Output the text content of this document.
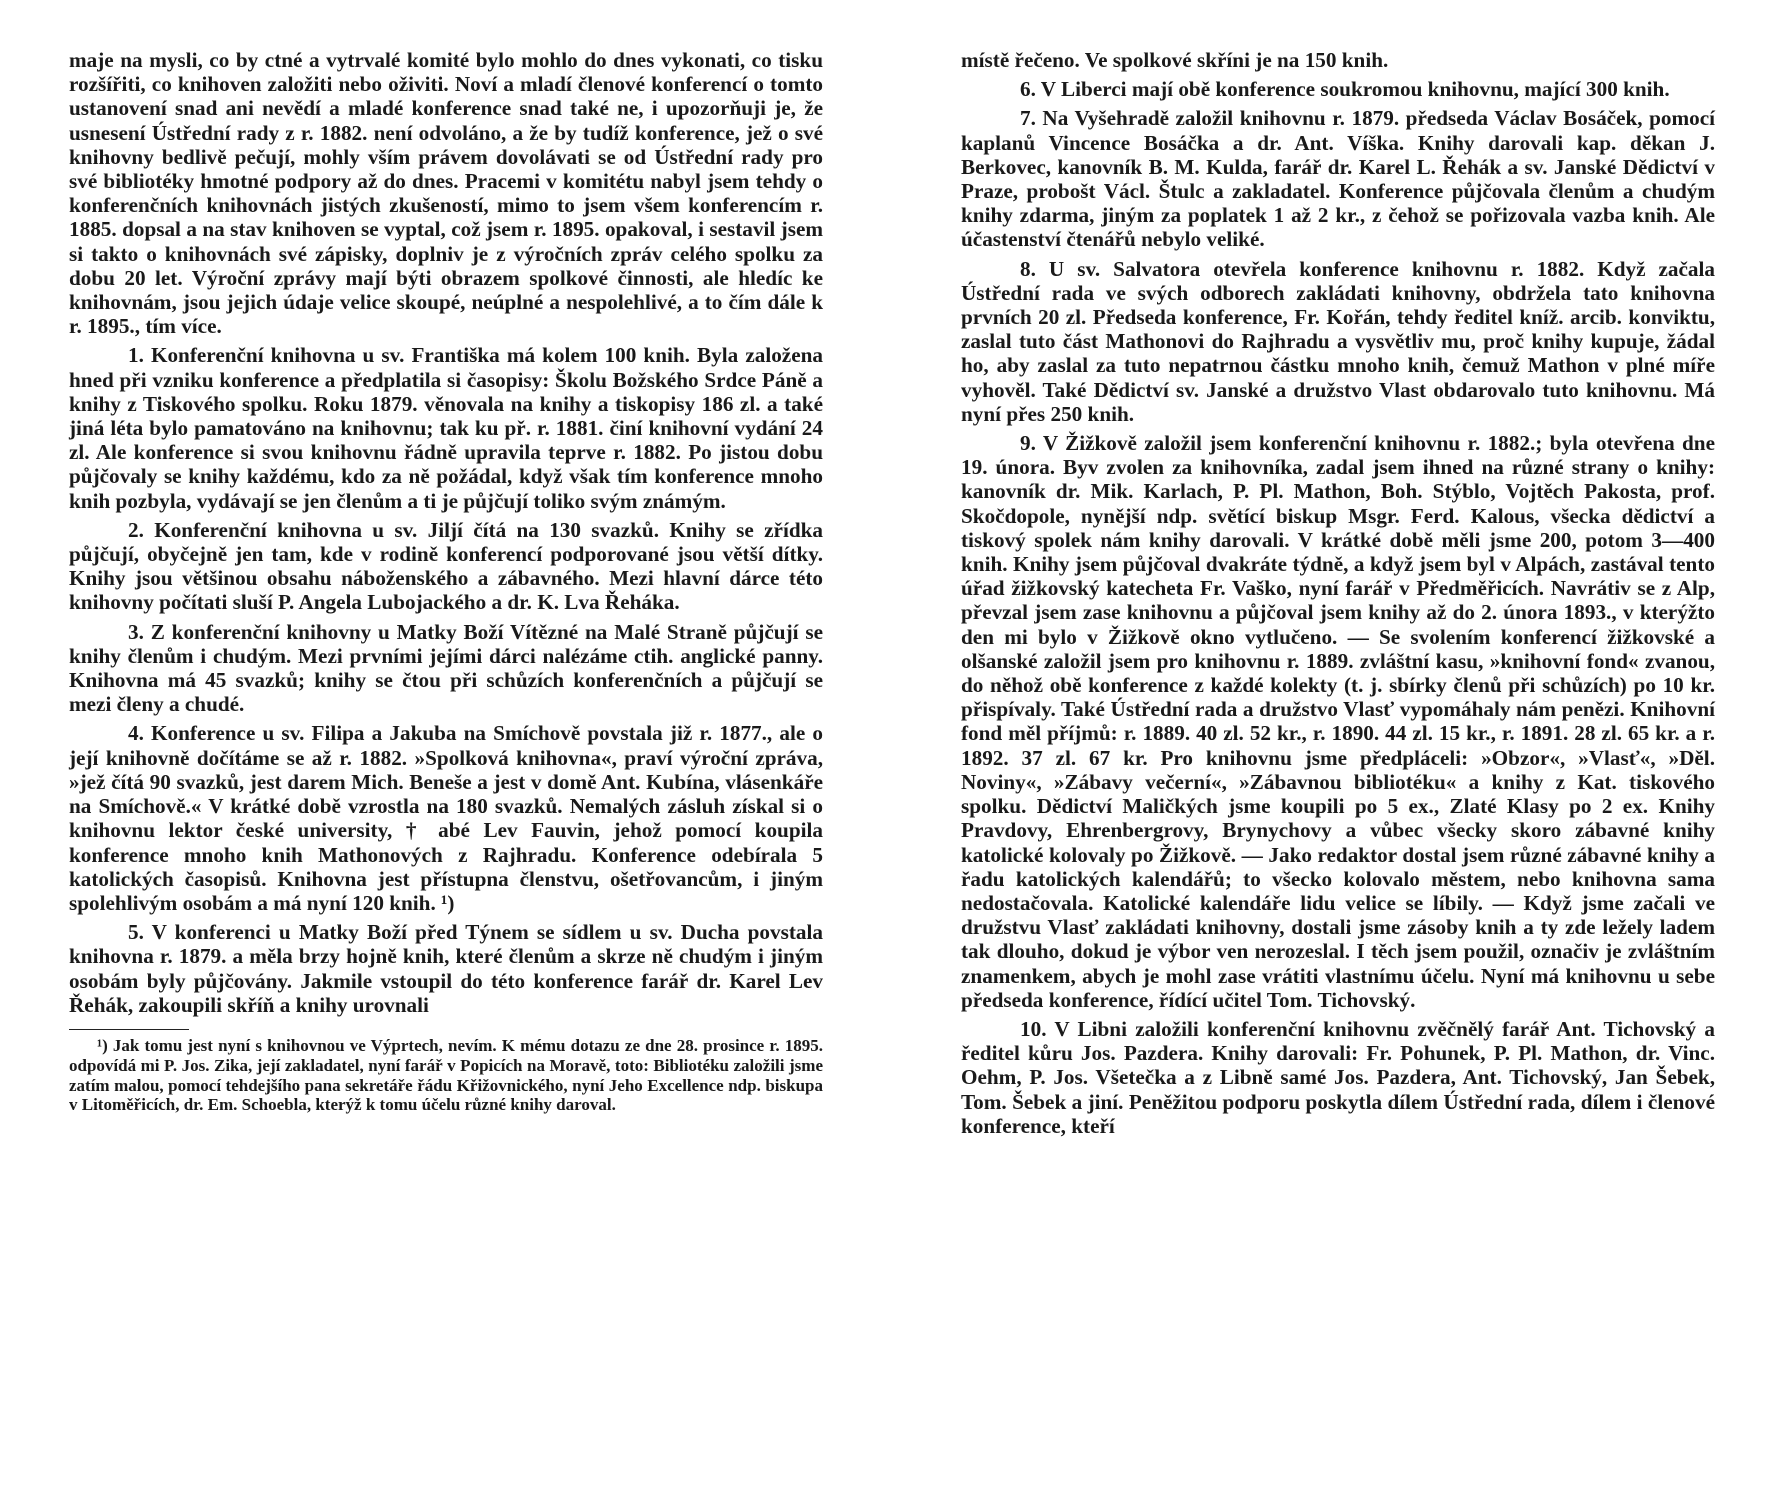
maje na mysli, co by ctné a vytrvalé komité bylo mohlo do dnes vykonati, co tisku rozšířiti, co knihoven založiti nebo oživiti. Noví a mladí členové konferencí o tomto ustanovení snad ani nevědí a mladé konference snad také ne, i upozorňuji je, že usnesení Ústřední rady z r. 1882. není odvoláno, a že by tudíž konference, jež o své knihovny bedlivě pečují, mohly vším právem dovolávati se od Ústřední rady pro své bibliotéky hmotné podpory až do dnes. Pracemi v komitétu nabyl jsem tehdy o konferenčních knihovnách jistých zkušeností, mimo to jsem všem konferencím r. 1885. dopsal a na stav knihoven se vyptal, což jsem r. 1895. opakoval, i sestavil jsem si takto o knihovnách své zápisky, doplniv je z výročních zpráv celého spolku za dobu 20 let. Výroční zprávy mají býti obrazem spolkové činnosti, ale hledíc ke knihovnám, jsou jejich údaje velice skoupé, neúplné a nespolehlivé, a to čím dále k r. 1895., tím více.

1. Konferenční knihovna u sv. Františka má kolem 100 knih. Byla založena hned při vzniku konference a předplatila si časopisy: Školu Božského Srdce Páně a knihy z Tiskového spolku. Roku 1879. věnovala na knihy a tiskopisy 186 zl. a také jiná léta bylo pamatováno na knihovnu; tak ku př. r. 1881. činí knihovní vydání 24 zl. Ale konference si svou knihovnu řádně upravila teprve r. 1882. Po jistou dobu půjčovaly se knihy každému, kdo za ně požádal, když však tím konference mnoho knih pozbyla, vydávají se jen členům a ti je půjčují toliko svým známým.

2. Konferenční knihovna u sv. Jiljí čítá na 130 svazků. Knihy se zřídka půjčují, obyčejně jen tam, kde v rodině konferencí podporované jsou větší dítky. Knihy jsou většinou obsahu náboženského a zábavného. Mezi hlavní dárce této knihovny počítati sluší P. Angela Lubojackého a dr. K. Lva Řeháka.

3. Z konferenční knihovny u Matky Boží Vítězné na Malé Straně půjčují se knihy členům i chudým. Mezi prvními jejími dárci nalézáme ctih. anglické panny. Knihovna má 45 svazků; knihy se čtou při schůzích konferenčních a půjčují se mezi členy a chudé.

4. Konference u sv. Filipa a Jakuba na Smíchově povstala již r. 1877., ale o její knihovně dočítáme se až r. 1882. »Spolková knihovna«, praví výroční zpráva, »jež čítá 90 svazků, jest darem Mich. Beneše a jest v domě Ant. Kubína, vlásenkáře na Smíchově.« V krátké době vzrostla na 180 svazků. Nemalých zásluh získal si o knihovnu lektor české university, † abé Lev Fauvin, jehož pomocí koupila konference mnoho knih Mathonových z Rajhradu. Konference odebírala 5 katolických časopisů. Knihovna jest přístupna členstvu, ošetřovancům, i jiným spolehlivým osobám a má nyní 120 knih. ¹)

5. V konferenci u Matky Boží před Týnem se sídlem u sv. Ducha povstala knihovna r. 1879. a měla brzy hojně knih, které členům a skrze ně chudým i jiným osobám byly půjčovány. Jakmile vstoupil do této konference farář dr. Karel Lev Řehák, zakoupili skříň a knihy urovnali

¹) Jak tomu jest nyní s knihovnou ve Výprtech, nevím. K mému dotazu ze dne 28. prosince r. 1895. odpovídá mi P. Jos. Zika, její zakladatel, nyní farář v Popicích na Moravě, toto: Bibliotéku založili jsme zatím malou, pomocí tehdejšího pana sekretáře řádu Křižovnického, nyní Jeho Excellence ndp. biskupa v Litoměřicích, dr. Em. Schoebla, kterýž k tomu účelu různé knihy daroval.

místě řečeno. Ve spolkové skříni je na 150 knih.

6. V Liberci mají obě konference soukromou knihovnu, mající 300 knih.

7. Na Vyšehradě založil knihovnu r. 1879. předseda Václav Bosáček, pomocí kaplanů Vincence Bosáčka a dr. Ant. Víška. Knihy darovali kap. děkan J. Berkovec, kanovník B. M. Kulda, farář dr. Karel L. Řehák a sv. Janské Dědictví v Praze, probošt Václ. Štulc a zakladatel. Konference půjčovala členům a chudým knihy zdarma, jiným za poplatek 1 až 2 kr., z čehož se pořizovala vazba knih. Ale účastenství čtenářů nebylo veliké.

8. U sv. Salvatora otevřela konference knihovnu r. 1882. Když začala Ústřední rada ve svých odborech zakládati knihovny, obdržela tato knihovna prvních 20 zl. Předseda konference, Fr. Kořán, tehdy ředitel kníž. arcib. konviktu, zaslal tuto část Mathonovi do Rajhradu a vysvětliv mu, proč knihy kupuje, žádal ho, aby zaslal za tuto nepatrnou částku mnoho knih, čemuž Mathon v plné míře vyhověl. Také Dědictví sv. Janské a družstvo Vlast obdarovalo tuto knihovnu. Má nyní přes 250 knih.

9. V Žižkově založil jsem konferenční knihovnu r. 1882.; byla otevřena dne 19. února. Byv zvolen za knihovníka, zadal jsem ihned na různé strany o knihy: kanovník dr. Mik. Karlach, P. Pl. Mathon, Boh. Stýblo, Vojtěch Pakosta, prof. Skočdopole, nynější ndp. světící biskup Msgr. Ferd. Kalous, všecka dědictví a tiskový spolek nám knihy darovali. V krátké době měli jsme 200, potom 3—400 knih. Knihy jsem půjčoval dvakráte týdně, a když jsem byl v Alpách, zastával tento úřad žižkovský katecheta Fr. Vaško, nyní farář v Předměřicích. Navrátiv se z Alp, převzal jsem zase knihovnu a půjčoval jsem knihy až do 2. února 1893., v kterýžto den mi bylo v Žižkově okno vytlučeno. — Se svolením konferencí žižkovské a olšanské založil jsem pro knihovnu r. 1889. zvláštní kasu, »knihovní fond« zvanou, do něhož obě konference z každé kolekty (t. j. sbírky členů při schůzích) po 10 kr. přispívaly. Také Ústřední rada a družstvo Vlasť vypomáhaly nám penězi. Knihovní fond měl příjmů: r. 1889. 40 zl. 52 kr., r. 1890. 44 zl. 15 kr., r. 1891. 28 zl. 65 kr. a r. 1892. 37 zl. 67 kr. Pro knihovnu jsme předpláceli: »Obzor«, »Vlasť«, »Děl. Noviny«, »Zábavy večerní«, »Zábavnou bibliotéku« a knihy z Kat. tiskového spolku. Dědictví Maličkých jsme koupili po 5 ex., Zlaté Klasy po 2 ex. Knihy Pravdovy, Ehrenbergrovy, Brynychovy a vůbec všecky skoro zábavné knihy katolické kolovaly po Žižkově. — Jako redaktor dostal jsem různé zábavné knihy a řadu katolických kalendářů; to všecko kolovalo městem, nebo knihovna sama nedostačovala. Katolické kalendáře lidu velice se líbily. — Když jsme začali ve družstvu Vlasť zakládati knihovny, dostali jsme zásoby knih a ty zde ležely ladem tak dlouho, dokud je výbor ven nerozeslal. I těch jsem použil, označiv je zvláštním znamenkem, abych je mohl zase vrátiti vlastnímu účelu. Nyní má knihovnu u sebe předseda konference, řídící učitel Tom. Tichovský.

10. V Libni založili konferenční knihovnu zvěčnělý farář Ant. Tichovský a ředitel kůru Jos. Pazdera. Knihy darovali: Fr. Pohunek, P. Pl. Mathon, dr. Vinc. Oehm, P. Jos. Všetečka a z Libně samé Jos. Pazdera, Ant. Tichovský, Jan Šebek, Tom. Šebek a jiní. Peněžitou podporu poskytla dílem Ústřední rada, dílem i členové konference, kteří
